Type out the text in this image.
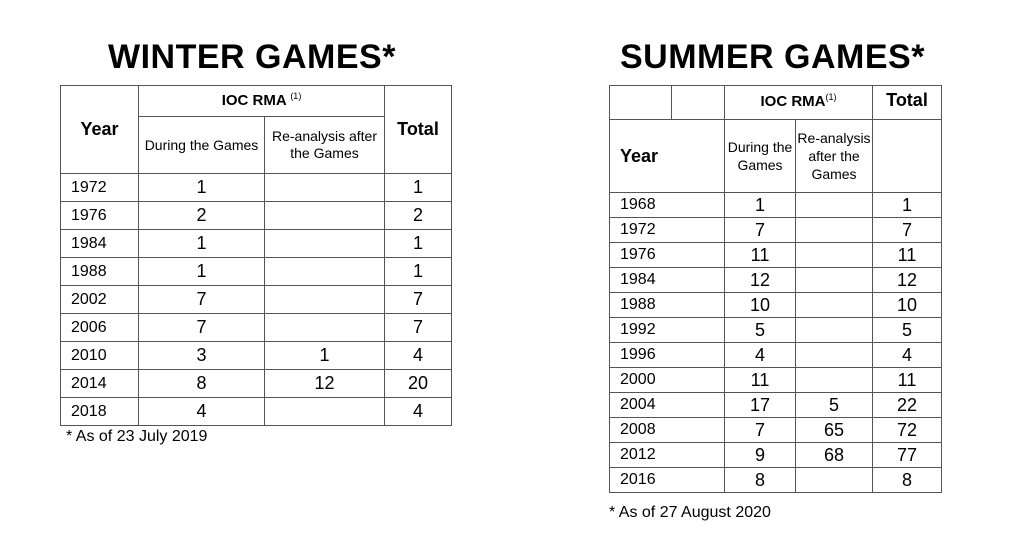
WINTER GAMES*
Year	IOC RMA $^{(1)}$		Total
	During the Games	Re-analysis after the Games	
1972	1		1
1976	2		2
1984	1		1
1988	1		1
2002	7		7
2006	7		7
2010	3	1	4
2014	8	12	20
2018	4		4
* As of 23 July 2019
SUMMER GAMES*
		IOC RMA$^{(1)}$		Total
Year		During the Games	Re-analysis after the Games	
1968		1		1
1972		7		7
1976		11		11
1984		12		12
1988		10		10
1992		5		5
1996		4		4
2000		11		11
2004		17	5	22
2008		7	65	72
2012		9	68	77
2016		8		8
* As of 27 August 2020
